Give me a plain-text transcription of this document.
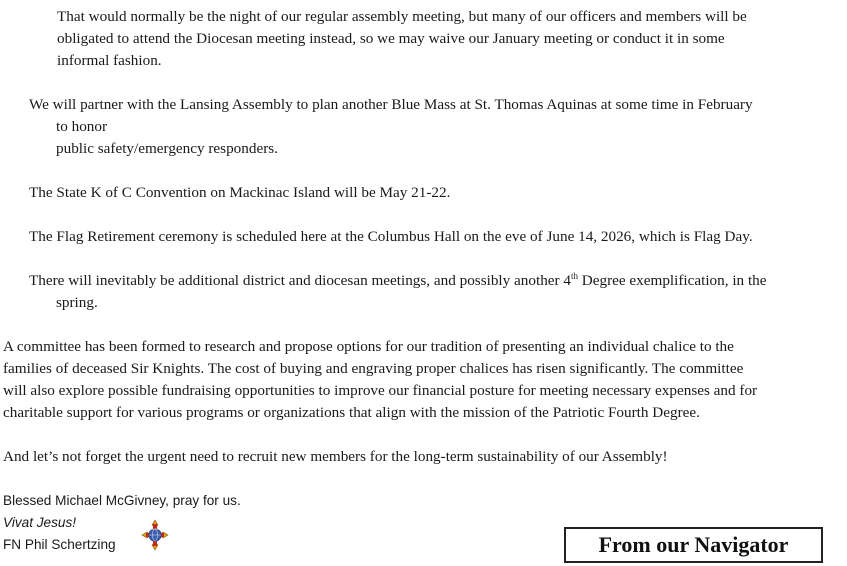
That would normally be the night of our regular assembly meeting, but many of our officers and members will be
obligated to attend the Diocesan meeting instead, so we may waive our January meeting or conduct it in some
informal fashion.

We will partner with the Lansing Assembly to plan another Blue Mass at St. Thomas Aquinas at some time in February
to honor
public safety/emergency responders.

The State K of C Convention on Mackinac Island will be May 21-22.

The Flag Retirement ceremony is scheduled here at the Columbus Hall on the eve of June 14, 2026, which is Flag Day.

There will inevitably be additional district and diocesan meetings, and possibly another 4th Degree exemplification, in the
spring.

A committee has been formed to research and propose options for our tradition of presenting an individual chalice to the
families of deceased Sir Knights. The cost of buying and engraving proper chalices has risen significantly. The committee
will also explore possible fundraising opportunities to improve our financial posture for meeting necessary expenses and for
charitable support for various programs or organizations that align with the mission of the Patriotic Fourth Degree.

And let’s not forget the urgent need to recruit new members for the long-term sustainability of our Assembly!

Blessed Michael McGivney, pray for us.
Vivat Jesus!
FN Phil Schertzing	From our Navigator
